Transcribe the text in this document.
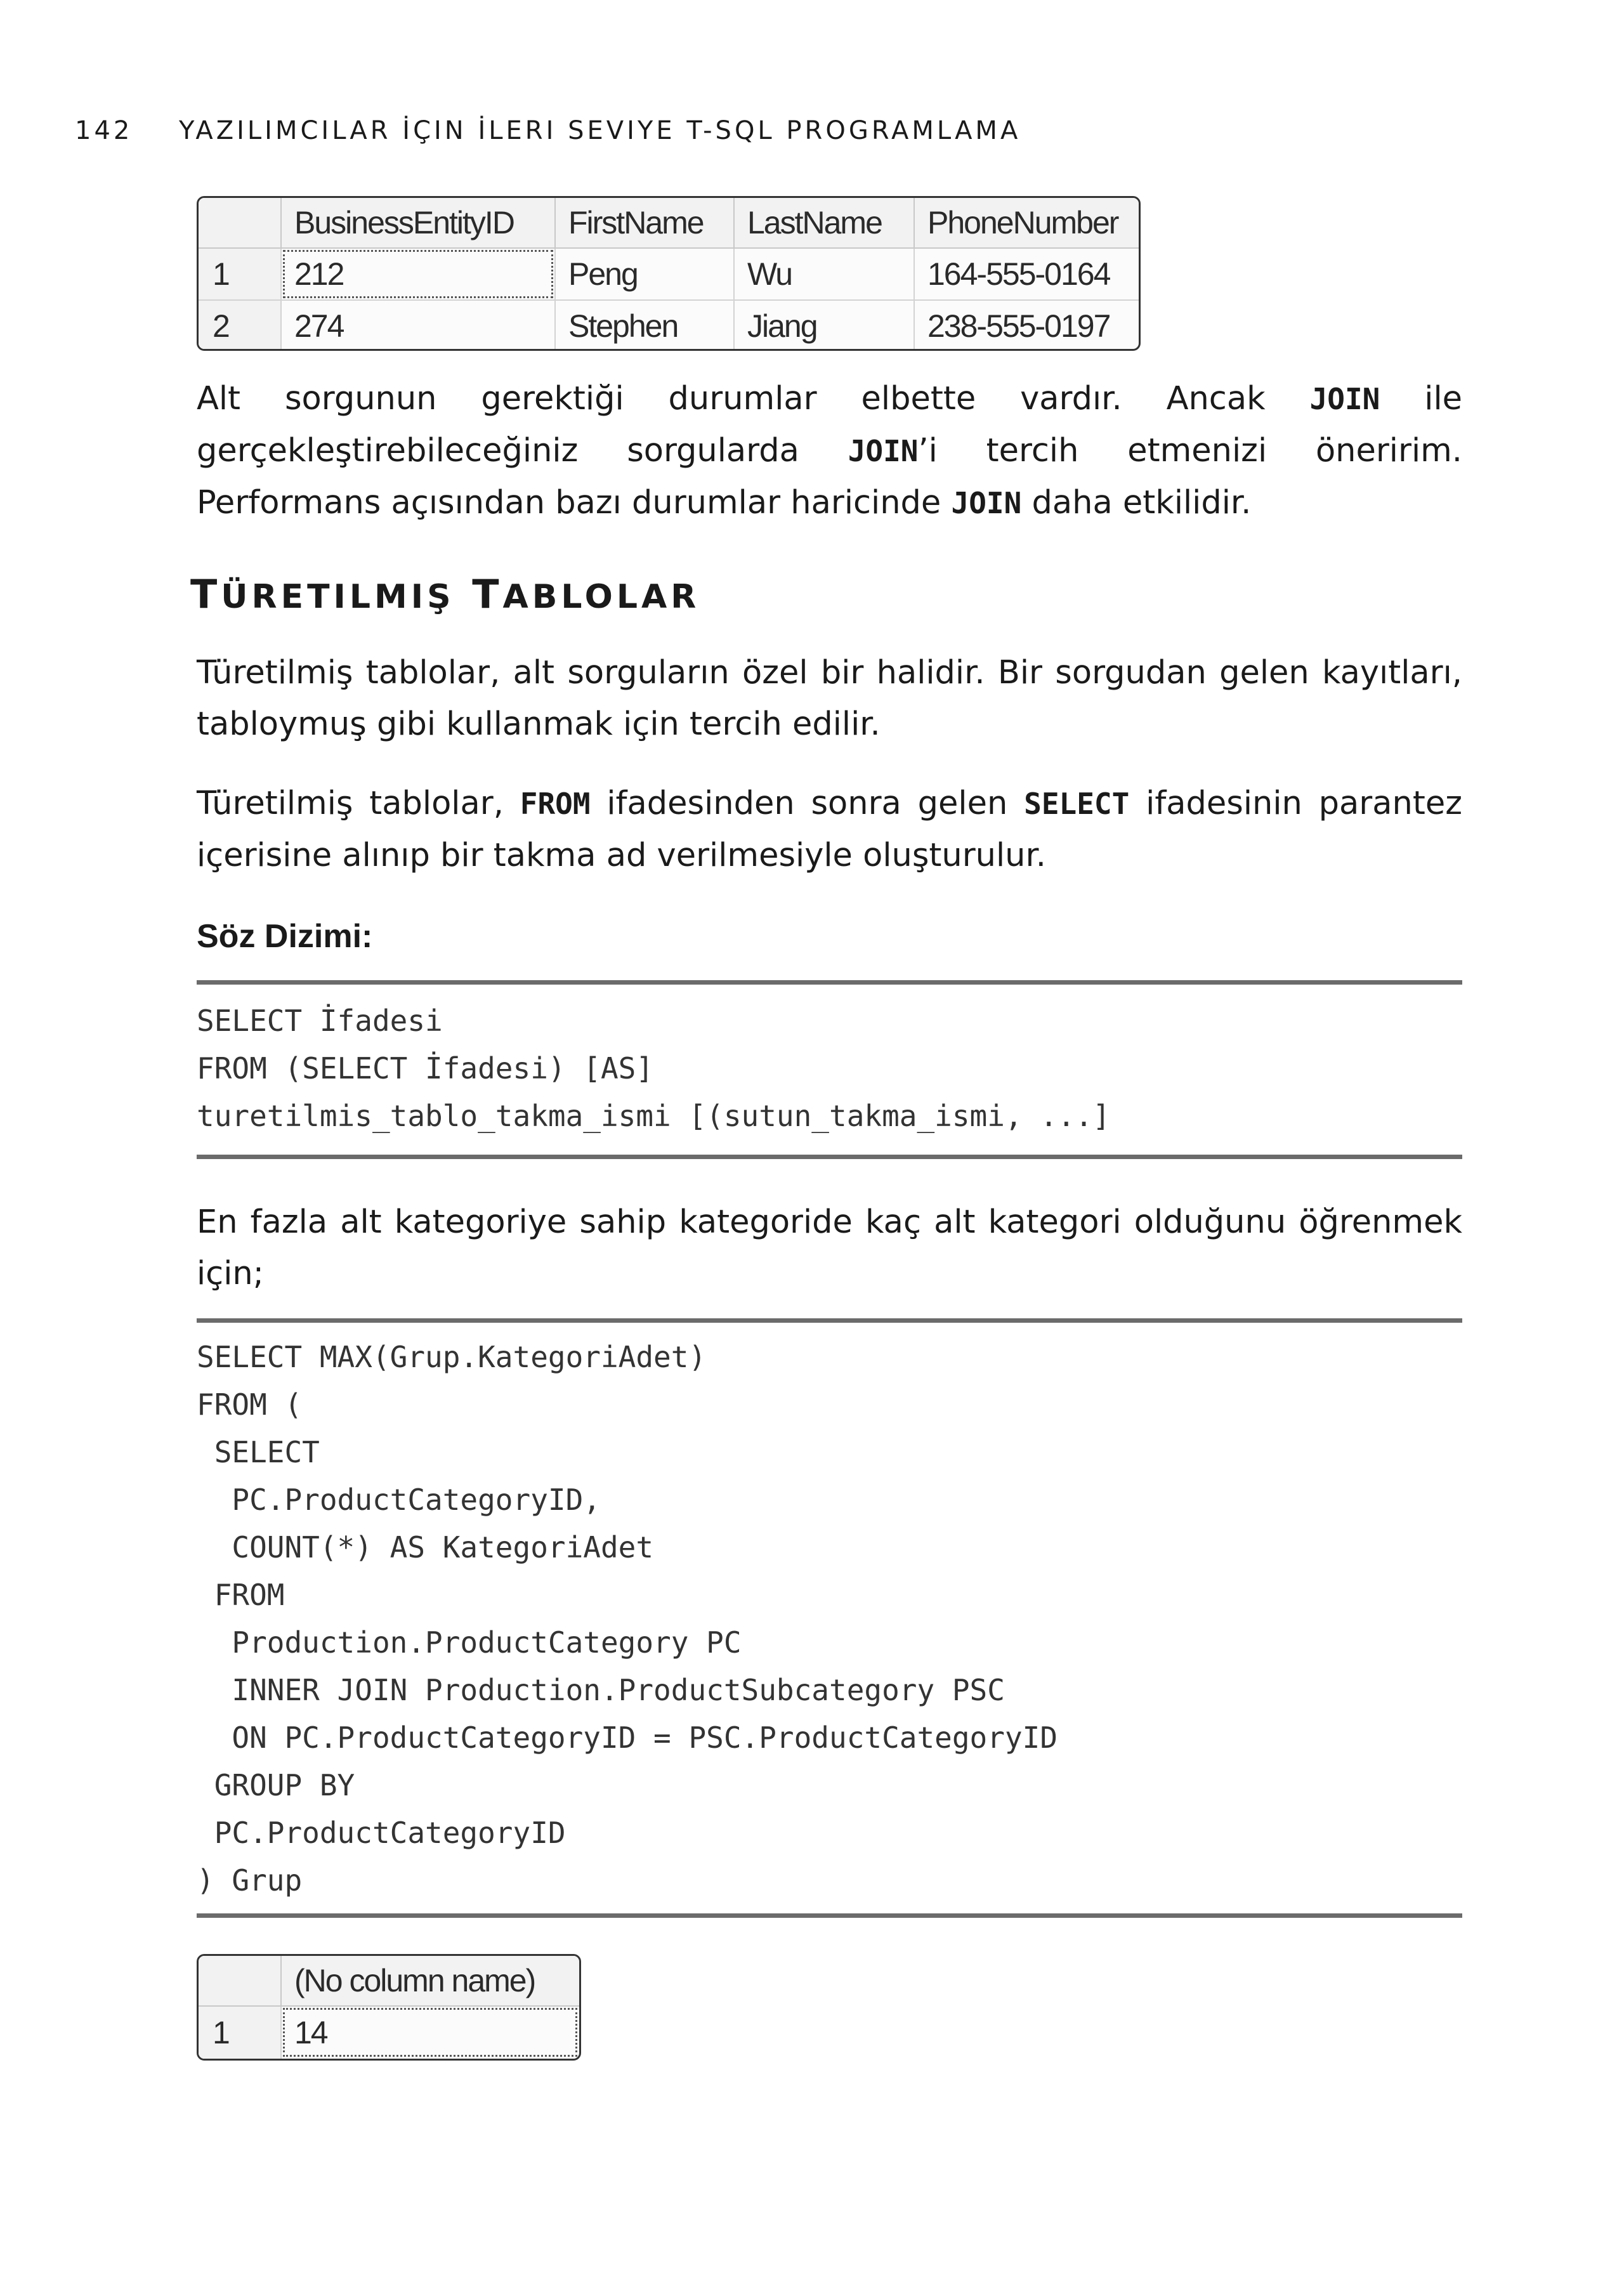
142 YAZILIMCILAR İÇIN İLERI SEVIYE T-SQL PROGRAMLAMA
	BusinessEntityID	FirstName	LastName	PhoneNumber
1	212	Peng	Wu	164-555-0164
2	274	Stephen	Jiang	238-555-0197

Alt sorgunun gerektiği durumlar elbette vardır. Ancak JOIN ile gerçekleştirebileceğiniz sorgularda JOIN’i tercih etmenizi öneririm. Performans açısından bazı durumlar haricinde JOIN daha etkilidir.

TÜRETILMIŞ TABLOLAR

Türetilmiş tablolar, alt sorguların özel bir halidir. Bir sorgudan gelen kayıtları, tabloymuş gibi kullanmak için tercih edilir.

Türetilmiş tablolar, FROM ifadesinden sonra gelen SELECT ifadesinin parantez içerisine alınıp bir takma ad verilmesiyle oluşturulur.

Söz Dizimi:
SELECT İfadesi
FROM (SELECT İfadesi) [AS]
turetilmis_tablo_takma_ismi [(sutun_takma_ismi, ...]

En fazla alt kategoriye sahip kategoride kaç alt kategori olduğunu öğrenmek için;

SELECT MAX(Grup.KategoriAdet)
FROM (
SELECT
PC.ProductCategoryID,
COUNT(*) AS KategoriAdet
FROM
Production.ProductCategory PC
INNER JOIN Production.ProductSubcategory PSC
ON PC.ProductCategoryID = PSC.ProductCategoryID
GROUP BY
PC.ProductCategoryID
) Grup
	(No column name)
1	14
